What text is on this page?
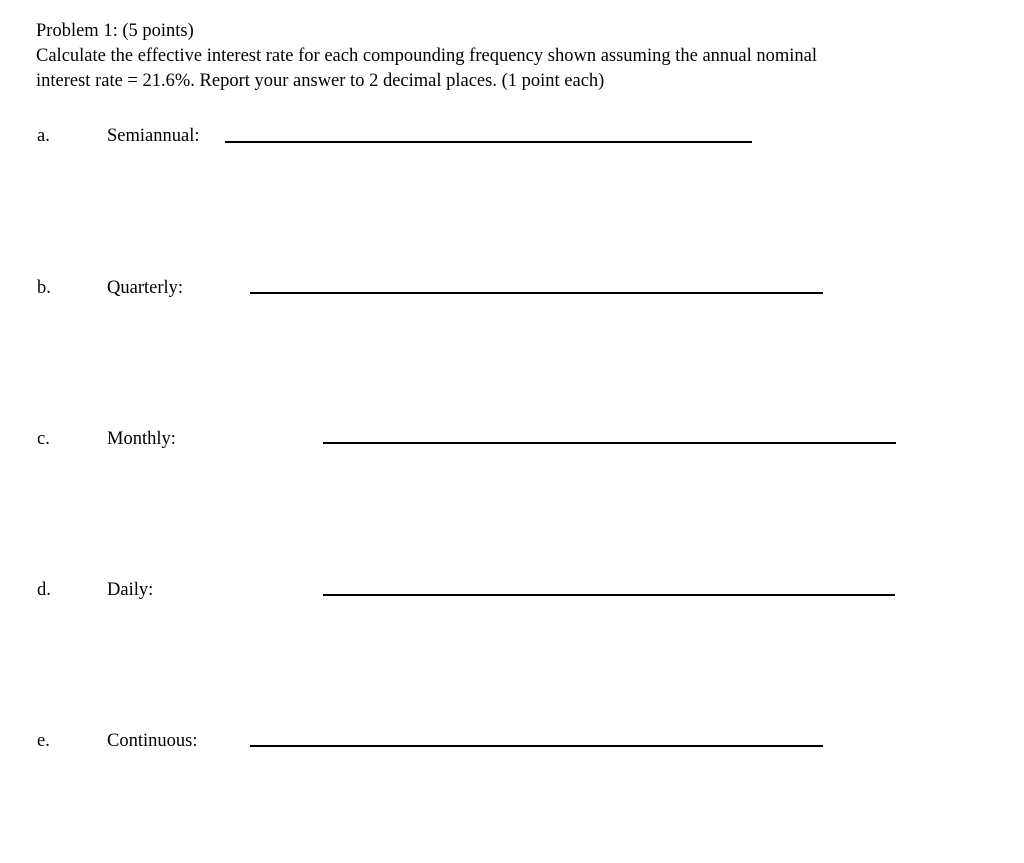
Problem 1: (5 points)
Calculate the effective interest rate for each compounding frequency shown assuming the annual nominal
interest rate = 21.6%. Report your answer to 2 decimal places. (1 point each)
a.	Semiannual:
b.	Quarterly:
c.	Monthly:
d.	Daily:
e.	Continuous:
